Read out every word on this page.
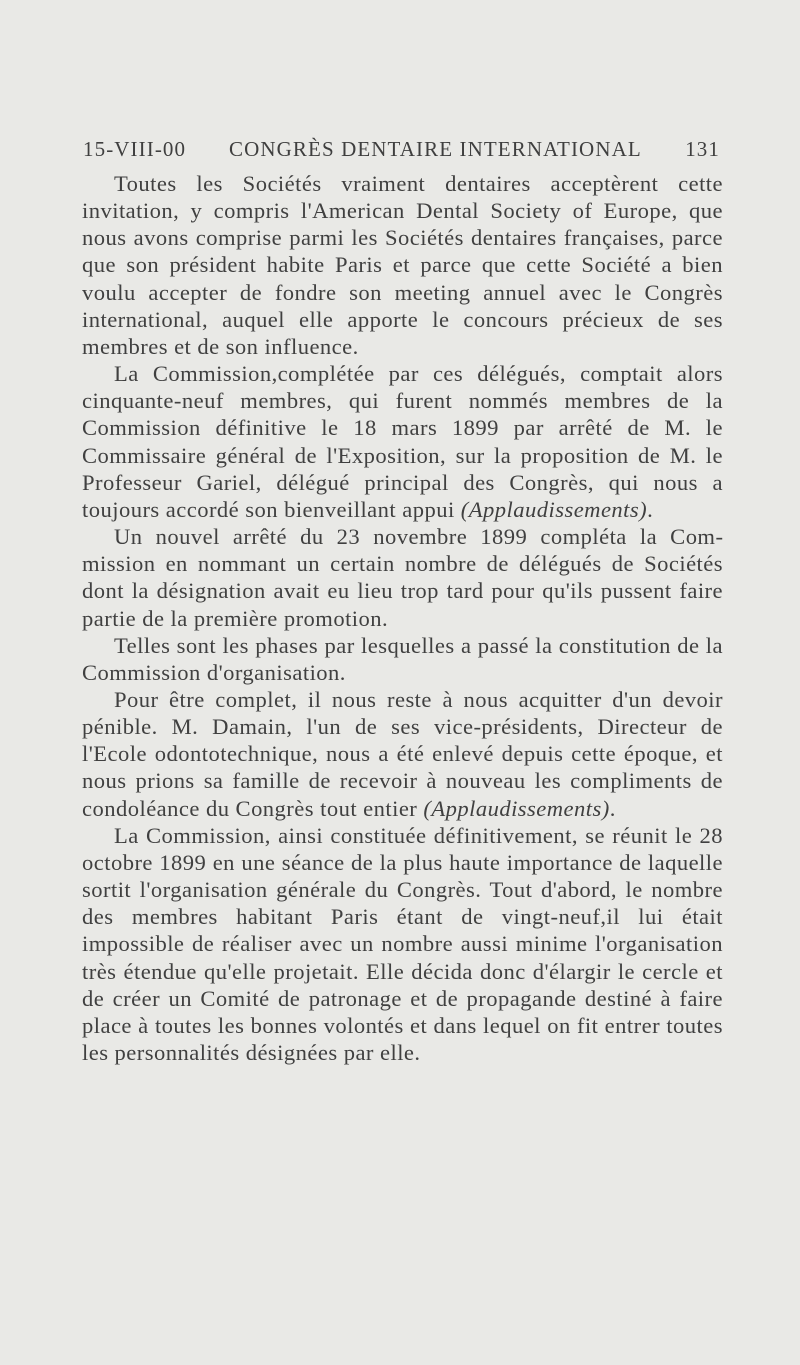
15-VIII-00 CONGRÈS DENTAIRE INTERNATIONAL 131

Toutes les Sociétés vraiment dentaires acceptèrent cette invitation, y compris l'American Dental Society of Europe, que nous avons comprise parmi les Sociétés dentaires françaises, parce que son président habite Paris et parce que cette Société a bien voulu accepter de fondre son meeting annuel avec le Congrès international, auquel elle apporte le concours précieux de ses membres et de son influence.

La Commission,complétée par ces délégués, comptait alors cinquante-neuf membres, qui furent nommés membres de la Commission définitive le 18 mars 1899 par arrêté de M. le Commissaire général de l'Exposition, sur la proposition de M. le Professeur Gariel, délégué principal des Congrès, qui nous a toujours accordé son bienveillant appui (Applaudissements).

Un nouvel arrêté du 23 novembre 1899 compléta la Commission en nommant un certain nombre de délégués de Sociétés dont la désignation avait eu lieu trop tard pour qu'ils pussent faire partie de la première promotion.

Telles sont les phases par lesquelles a passé la constitution de la Commission d'organisation.

Pour être complet, il nous reste à nous acquitter d'un devoir pénible. M. Damain, l'un de ses vice-présidents, Directeur de l'Ecole odontotechnique, nous a été enlevé depuis cette époque, et nous prions sa famille de recevoir à nouveau les compliments de condoléance du Congrès tout entier (Applaudissements).

La Commission, ainsi constituée définitivement, se réunit le 28 octobre 1899 en une séance de la plus haute importance de laquelle sortit l'organisation générale du Congrès. Tout d'abord, le nombre des membres habitant Paris étant de vingt-neuf,il lui était impossible de réaliser avec un nombre aussi minime l'organisation très étendue qu'elle projetait. Elle décida donc d'élargir le cercle et de créer un Comité de patronage et de propagande destiné à faire place à toutes les bonnes volontés et dans lequel on fit entrer toutes les personnalités désignées par elle.
